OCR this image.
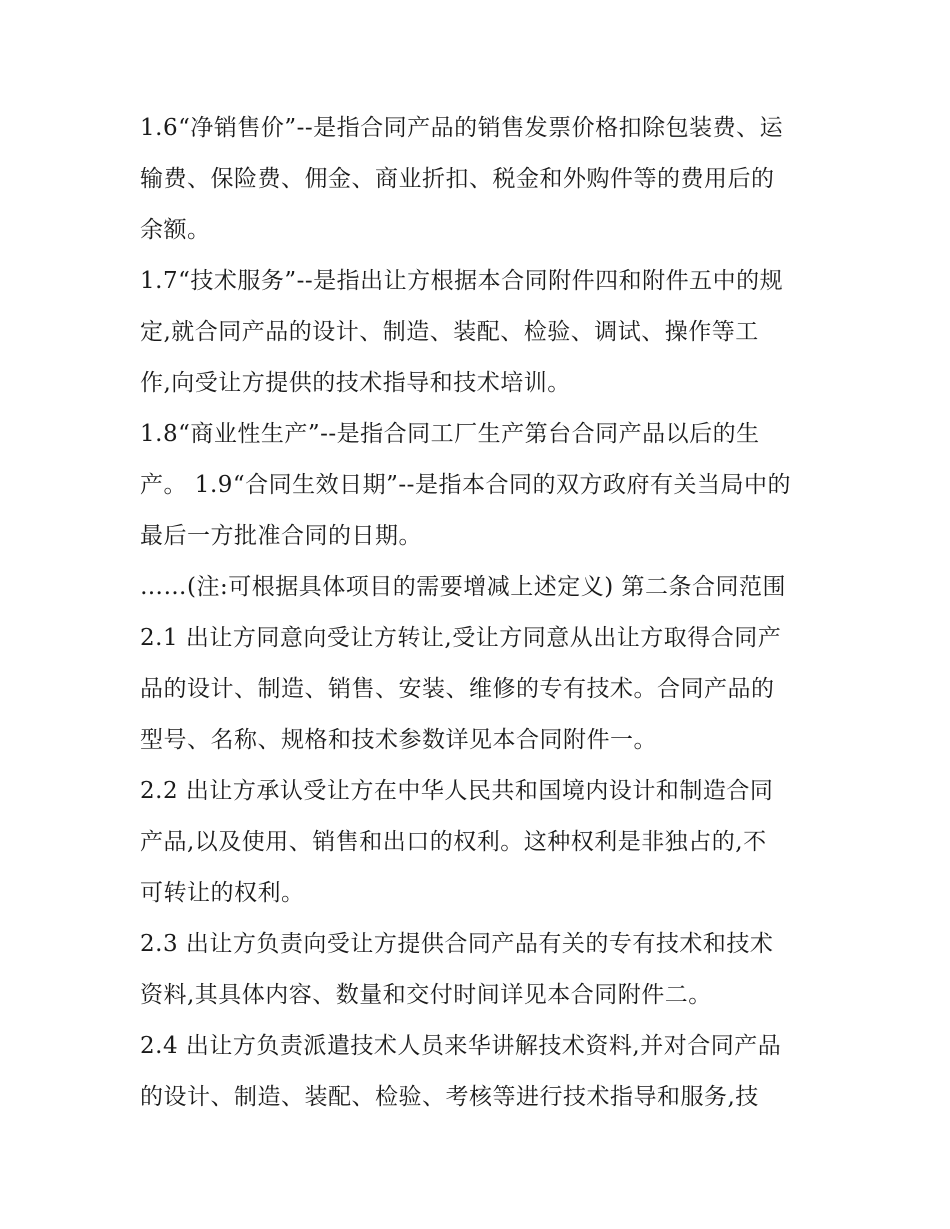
1.6“净销售价”--是指合同产品的销售发票价格扣除包装费、运
输费、保险费、佣金、商业折扣、税金和外购件等的费用后的
余额。
1.7“技术服务”--是指出让方根据本合同附件四和附件五中的规
定,就合同产品的设计、制造、装配、检验、调试、操作等工
作,向受让方提供的技术指导和技术培训。
1.8“商业性生产”--是指合同工厂生产第台合同产品以后的生
产。 1.9“合同生效日期”--是指本合同的双方政府有关当局中的
最后一方批准合同的日期。
……(注:可根据具体项目的需要增减上述定义) 第二条合同范围
2.1 出让方同意向受让方转让,受让方同意从出让方取得合同产
品的设计、制造、销售、安装、维修的专有技术。合同产品的
型号、名称、规格和技术参数详见本合同附件一。
2.2 出让方承认受让方在中华人民共和国境内设计和制造合同
产品,以及使用、销售和出口的权利。这种权利是非独占的,不
可转让的权利。
2.3 出让方负责向受让方提供合同产品有关的专有技术和技术
资料,其具体内容、数量和交付时间详见本合同附件二。
2.4 出让方负责派遣技术人员来华讲解技术资料,并对合同产品
的设计、制造、装配、检验、考核等进行技术指导和服务,技
